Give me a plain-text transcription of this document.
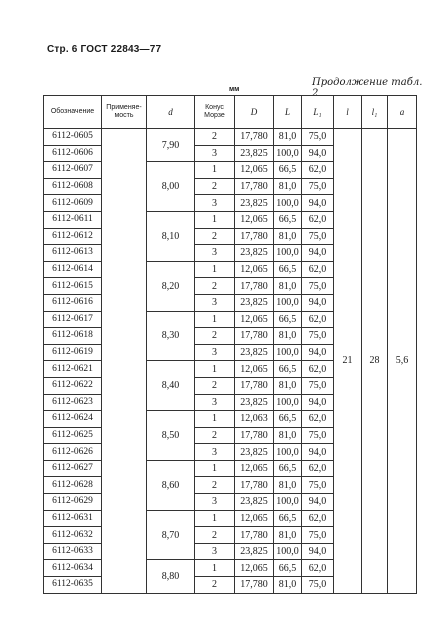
Стр. 6 ГОСТ 22843—77
мм
Продолжение табл. 2
Обозначение	Применяе- мость	d	Конус Морзе	D	L	L₁	l	l₁	a
6112-0605		7,90	2	17,780	81,0	75,0	21	28	5,6
6112-0606			3	23,825	100,0	94,0			
6112-0607		8,00	1	12,065	66,5	62,0			
6112-0608			2	17,780	81,0	75,0			
6112-0609			3	23,825	100,0	94,0			
6112-0611		8,10	1	12,065	66,5	62,0			
6112-0612			2	17,780	81,0	75,0			
6112-0613			3	23,825	100,0	94,0			
6112-0614		8,20	1	12,065	66,5	62,0			
6112-0615			2	17,780	81,0	75,0			
6112-0616			3	23,825	100,0	94,0			
6112-0617		8,30	1	12,065	66,5	62,0			
6112-0618			2	17,780	81,0	75,0			
6112-0619			3	23,825	100,0	94,0			
6112-0621		8,40	1	12,065	66,5	62,0			
6112-0622			2	17,780	81,0	75,0			
6112-0623			3	23,825	100,0	94,0			
6112-0624		8,50	1	12,063	66,5	62,0			
6112-0625			2	17,780	81,0	75,0			
6112-0626			3	23,825	100,0	94,0			
6112-0627		8,60	1	12,065	66,5	62,0			
6112-0628			2	17,780	81,0	75,0			
6112-0629			3	23,825	100,0	94,0			
6112-0631		8,70	1	12,065	66,5	62,0			
6112-0632			2	17,780	81,0	75,0			
6112-0633			3	23,825	100,0	94,0			
6112-0634		8,80	1	12,065	66,5	62,0			
6112-0635			2	17,780	81,0	75,0			
